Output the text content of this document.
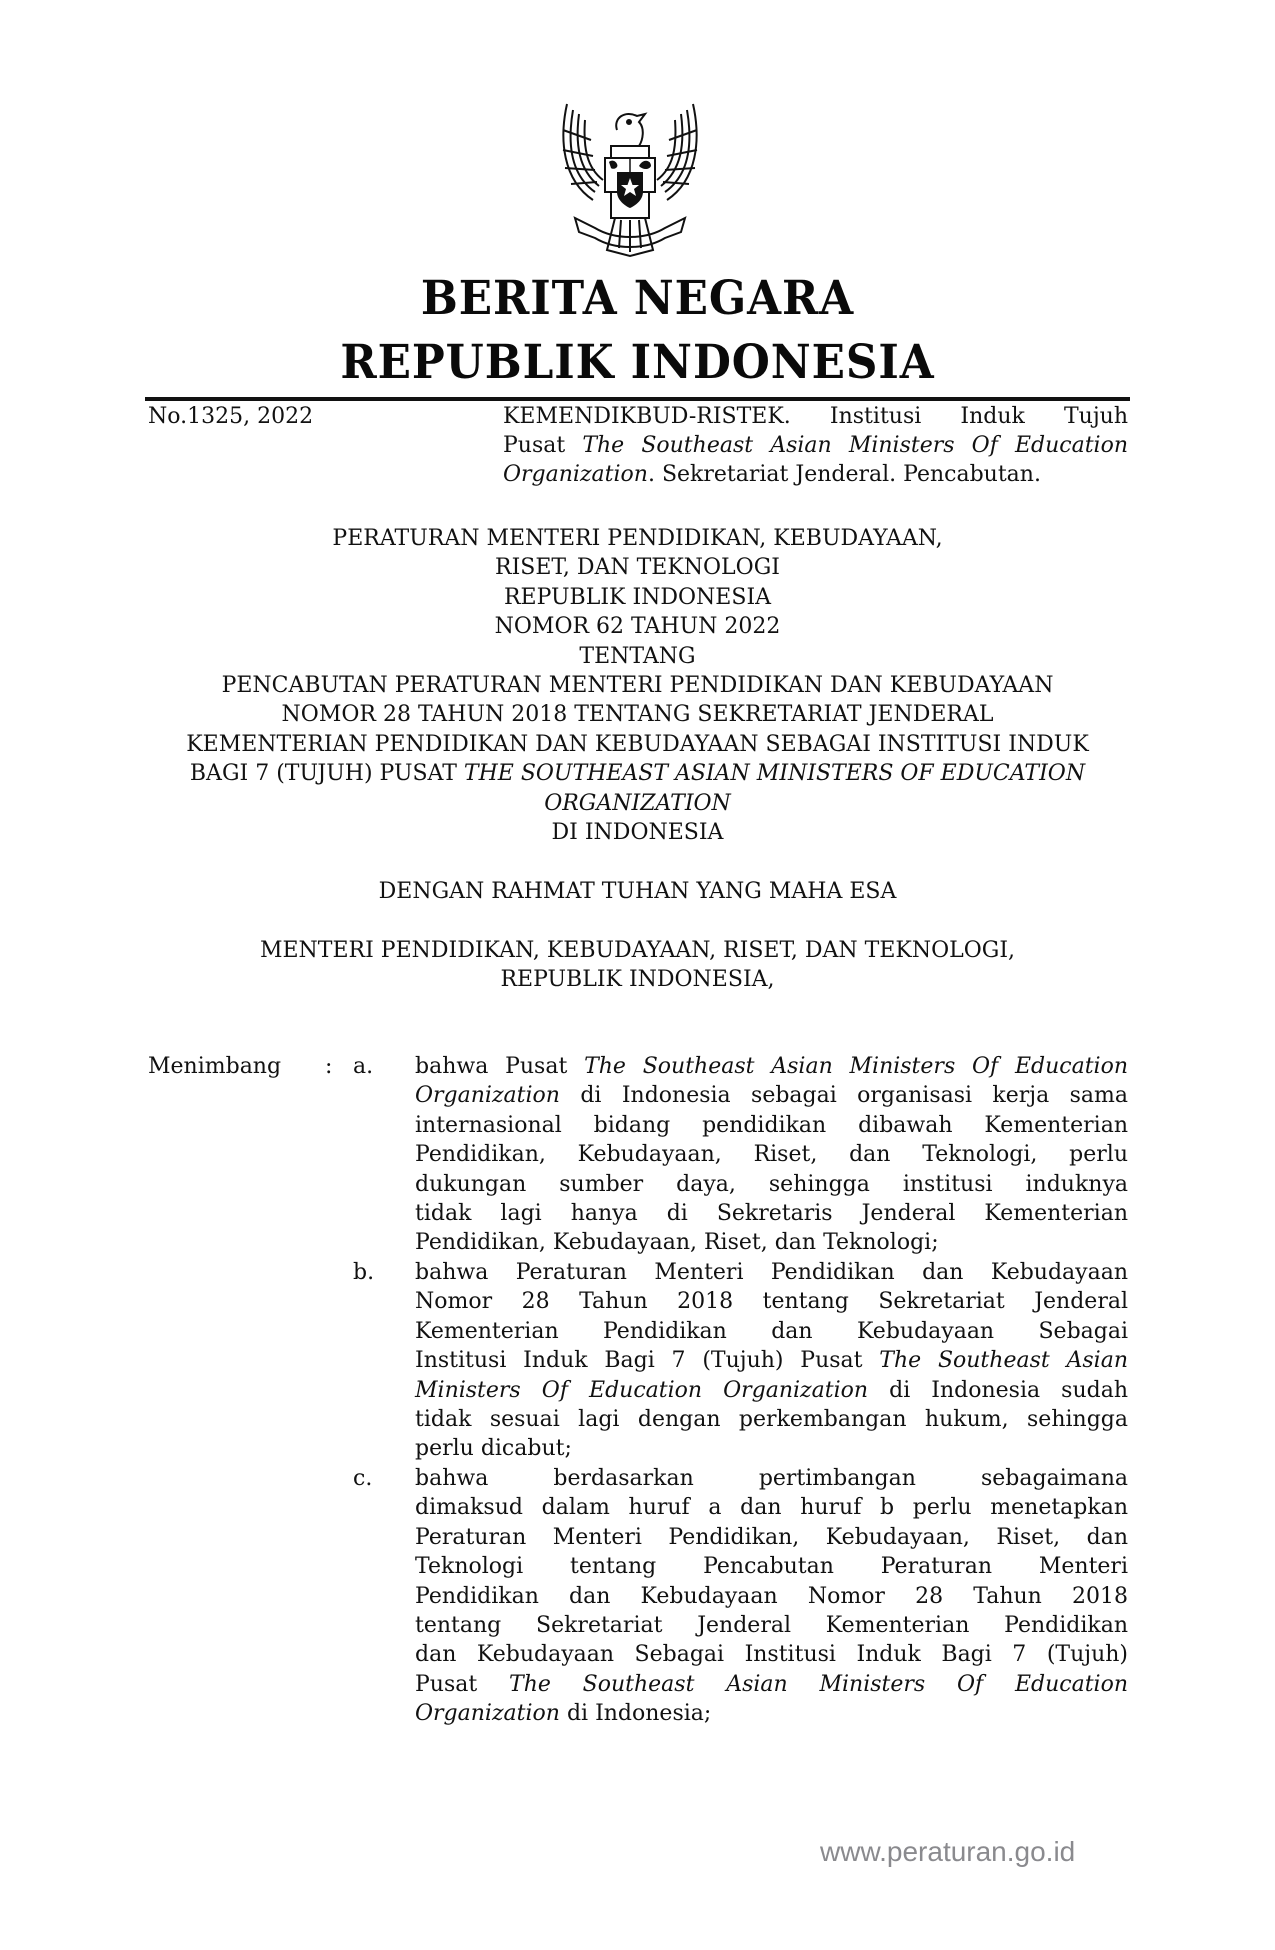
BERITA NEGARA
REPUBLIK INDONESIA
No.1325, 2022	KEMENDIKBUD-RISTEK. Institusi Induk Tujuh
Pusat The Southeast Asian Ministers Of Education
Organization. Sekretariat Jenderal. Pencabutan.
PERATURAN MENTERI PENDIDIKAN, KEBUDAYAAN,
RISET, DAN TEKNOLOGI
REPUBLIK INDONESIA
NOMOR 62 TAHUN 2022
TENTANG
PENCABUTAN PERATURAN MENTERI PENDIDIKAN DAN KEBUDAYAAN
NOMOR 28 TAHUN 2018 TENTANG SEKRETARIAT JENDERAL
KEMENTERIAN PENDIDIKAN DAN KEBUDAYAAN SEBAGAI INSTITUSI INDUK
BAGI 7 (TUJUH) PUSAT THE SOUTHEAST ASIAN MINISTERS OF EDUCATION
ORGANIZATION
DI INDONESIA
DENGAN RAHMAT TUHAN YANG MAHA ESA
MENTERI PENDIDIKAN, KEBUDAYAAN, RISET, DAN TEKNOLOGI,
REPUBLIK INDONESIA,
Menimbang : a. bahwa Pusat The Southeast Asian Ministers Of Education
Organization di Indonesia sebagai organisasi kerja sama
internasional bidang pendidikan dibawah Kementerian
Pendidikan, Kebudayaan, Riset, dan Teknologi, perlu
dukungan sumber daya, sehingga institusi induknya
tidak lagi hanya di Sekretaris Jenderal Kementerian
Pendidikan, Kebudayaan, Riset, dan Teknologi;
b. bahwa Peraturan Menteri Pendidikan dan Kebudayaan
Nomor 28 Tahun 2018 tentang Sekretariat Jenderal
Kementerian Pendidikan dan Kebudayaan Sebagai
Institusi Induk Bagi 7 (Tujuh) Pusat The Southeast Asian
Ministers Of Education Organization di Indonesia sudah
tidak sesuai lagi dengan perkembangan hukum, sehingga
perlu dicabut;
c. bahwa berdasarkan pertimbangan sebagaimana
dimaksud dalam huruf a dan huruf b perlu menetapkan
Peraturan Menteri Pendidikan, Kebudayaan, Riset, dan
Teknologi tentang Pencabutan Peraturan Menteri
Pendidikan dan Kebudayaan Nomor 28 Tahun 2018
tentang Sekretariat Jenderal Kementerian Pendidikan
dan Kebudayaan Sebagai Institusi Induk Bagi 7 (Tujuh)
Pusat The Southeast Asian Ministers Of Education
Organization di Indonesia;
www.peraturan.go.id
